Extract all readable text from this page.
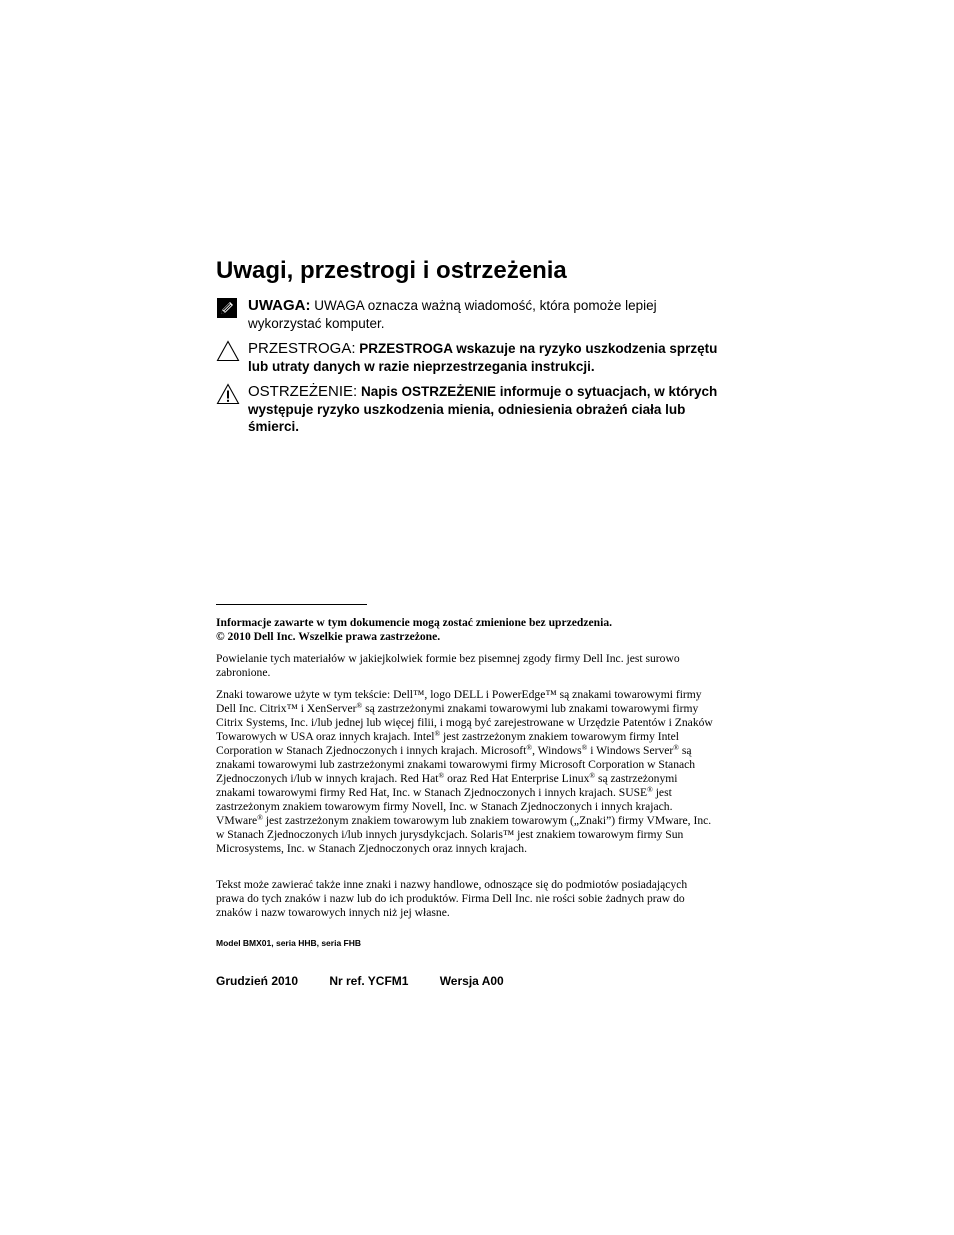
Uwagi, przestrogi i ostrzeżenia
UWAGA: UWAGA oznacza ważną wiadomość, która pomoże lepiej wykorzystać komputer.
PRZESTROGA: PRZESTROGA wskazuje na ryzyko uszkodzenia sprzętu lub utraty danych w razie nieprzestrzegania instrukcji.
OSTRZEŻENIE: Napis OSTRZEŻENIE informuje o sytuacjach, w których występuje ryzyko uszkodzenia mienia, odniesienia obrażeń ciała lub śmierci.

Informacje zawarte w tym dokumencie mogą zostać zmienione bez uprzedzenia.

© 2010 Dell Inc. Wszelkie prawa zastrzeżone.

Powielanie tych materiałów w jakiejkolwiek formie bez pisemnej zgody firmy Dell Inc. jest surowo zabronione.

Znaki towarowe użyte w tym tekście: Dell™, logo DELL i PowerEdge™ są znakami towarowymi firmy Dell Inc. Citrix™ i XenServer® są zastrzeżonymi znakami towarowymi lub znakami towarowymi firmy Citrix Systems, Inc. i/lub jednej lub więcej filii, i mogą być zarejestrowane w Urzędzie Patentów i Znaków Towarowych w USA oraz innych krajach. Intel® jest zastrzeżonym znakiem towarowym firmy Intel Corporation w Stanach Zjednoczonych i innych krajach. Microsoft®, Windows® i Windows Server® są znakami towarowymi lub zastrzeżonymi znakami towarowymi firmy Microsoft Corporation w Stanach Zjednoczonych i/lub w innych krajach. Red Hat® oraz Red Hat Enterprise Linux® są zastrzeżonymi znakami towarowymi firmy Red Hat, Inc. w Stanach Zjednoczonych i innych krajach. SUSE® jest zastrzeżonym znakiem towarowym firmy Novell, Inc. w Stanach Zjednoczonych i innych krajach. VMware® jest zastrzeżonym znakiem towarowym lub znakiem towarowym („Znaki”) firmy VMware, Inc. w Stanach Zjednoczonych i/lub innych jurysdykcjach. Solaris™ jest znakiem towarowym firmy Sun Microsystems, Inc. w Stanach Zjednoczonych oraz innych krajach.

Tekst może zawierać także inne znaki i nazwy handlowe, odnoszące się do podmiotów posiadających prawa do tych znaków i nazw lub do ich produktów. Firma Dell Inc. nie rości sobie żadnych praw do znaków i nazw towarowych innych niż jej własne.

Model BMX01, seria HHB, seria FHB
Grudzień 2010	Nr ref. YCFM1	Wersja A00
